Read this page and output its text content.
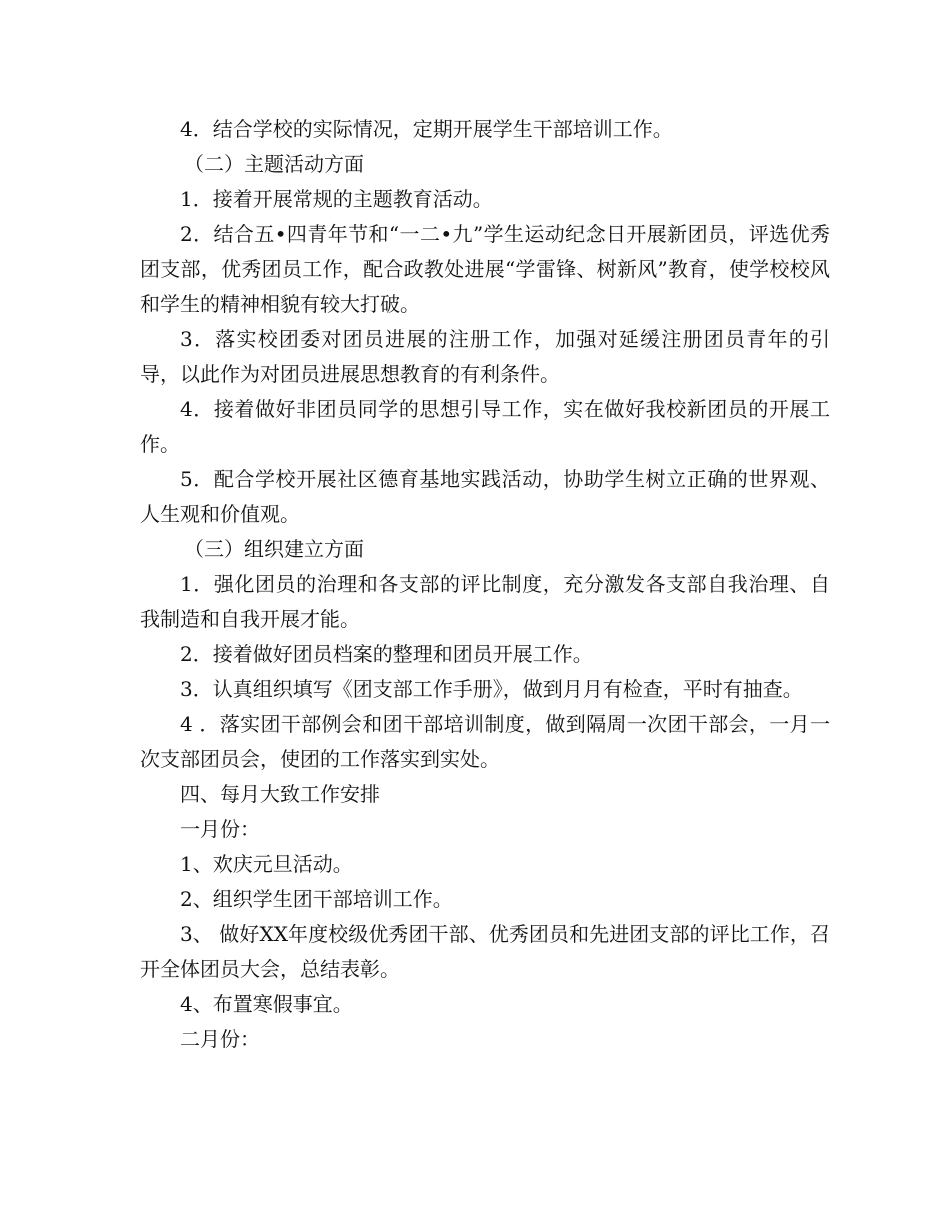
4．结合学校的实际情况，定期开展学生干部培训工作。

（二）主题活动方面

1．接着开展常规的主题教育活动。

2．结合五•四青年节和“一二•九”学生运动纪念日开展新团员，评选优秀团支部，优秀团员工作，配合政教处进展“学雷锋、树新风”教育，使学校校风和学生的精神相貌有较大打破。

3．落实校团委对团员进展的注册工作，加强对延缓注册团员青年的引导，以此作为对团员进展思想教育的有利条件。

4．接着做好非团员同学的思想引导工作，实在做好我校新团员的开展工作。

5．配合学校开展社区德育基地实践活动，协助学生树立正确的世界观、人生观和价值观。

（三）组织建立方面

1．强化团员的治理和各支部的评比制度，充分激发各支部自我治理、自我制造和自我开展才能。

2．接着做好团员档案的整理和团员开展工作。

3．认真组织填写《团支部工作手册》，做到月月有检查，平时有抽查。

4 ．落实团干部例会和团干部培训制度，做到隔周一次团干部会，一月一次支部团员会，使团的工作落实到实处。

四、每月大致工作安排

一月份：

1、欢庆元旦活动。

2、组织学生团干部培训工作。

3、 做好XX年度校级优秀团干部、优秀团员和先进团支部的评比工作，召开全体团员大会，总结表彰。

4、布置寒假事宜。

二月份：
